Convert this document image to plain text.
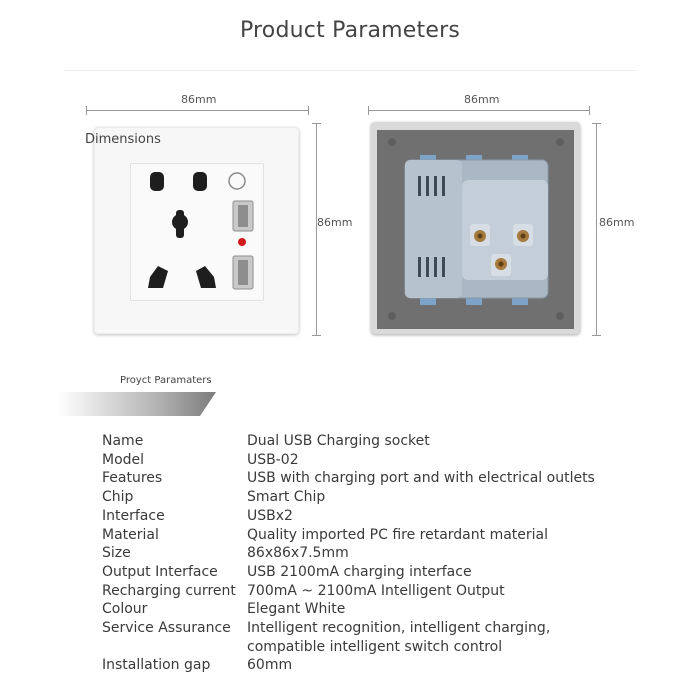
Product Parameters
86mm
86mm
Dimensions
86mm
86mm
Proуct Paramaters
Name	Dual USB Charging socket
Model	USB-02
Features	USB with charging port and with electrical outlets
Chip	Smart Chip
Interface	USBx2
Material	Quality imported PC fire retardant material
Size	86x86x7.5mm
Output Interface	USB 2100mA charging interface
Recharging current 700mA ~ 2100mA Intelligent Output
Colour	Elegant White
Service Assurance	Intelligent recognition, intelligent charging,
compatible intelligent switch control
Installation gap	60mm
